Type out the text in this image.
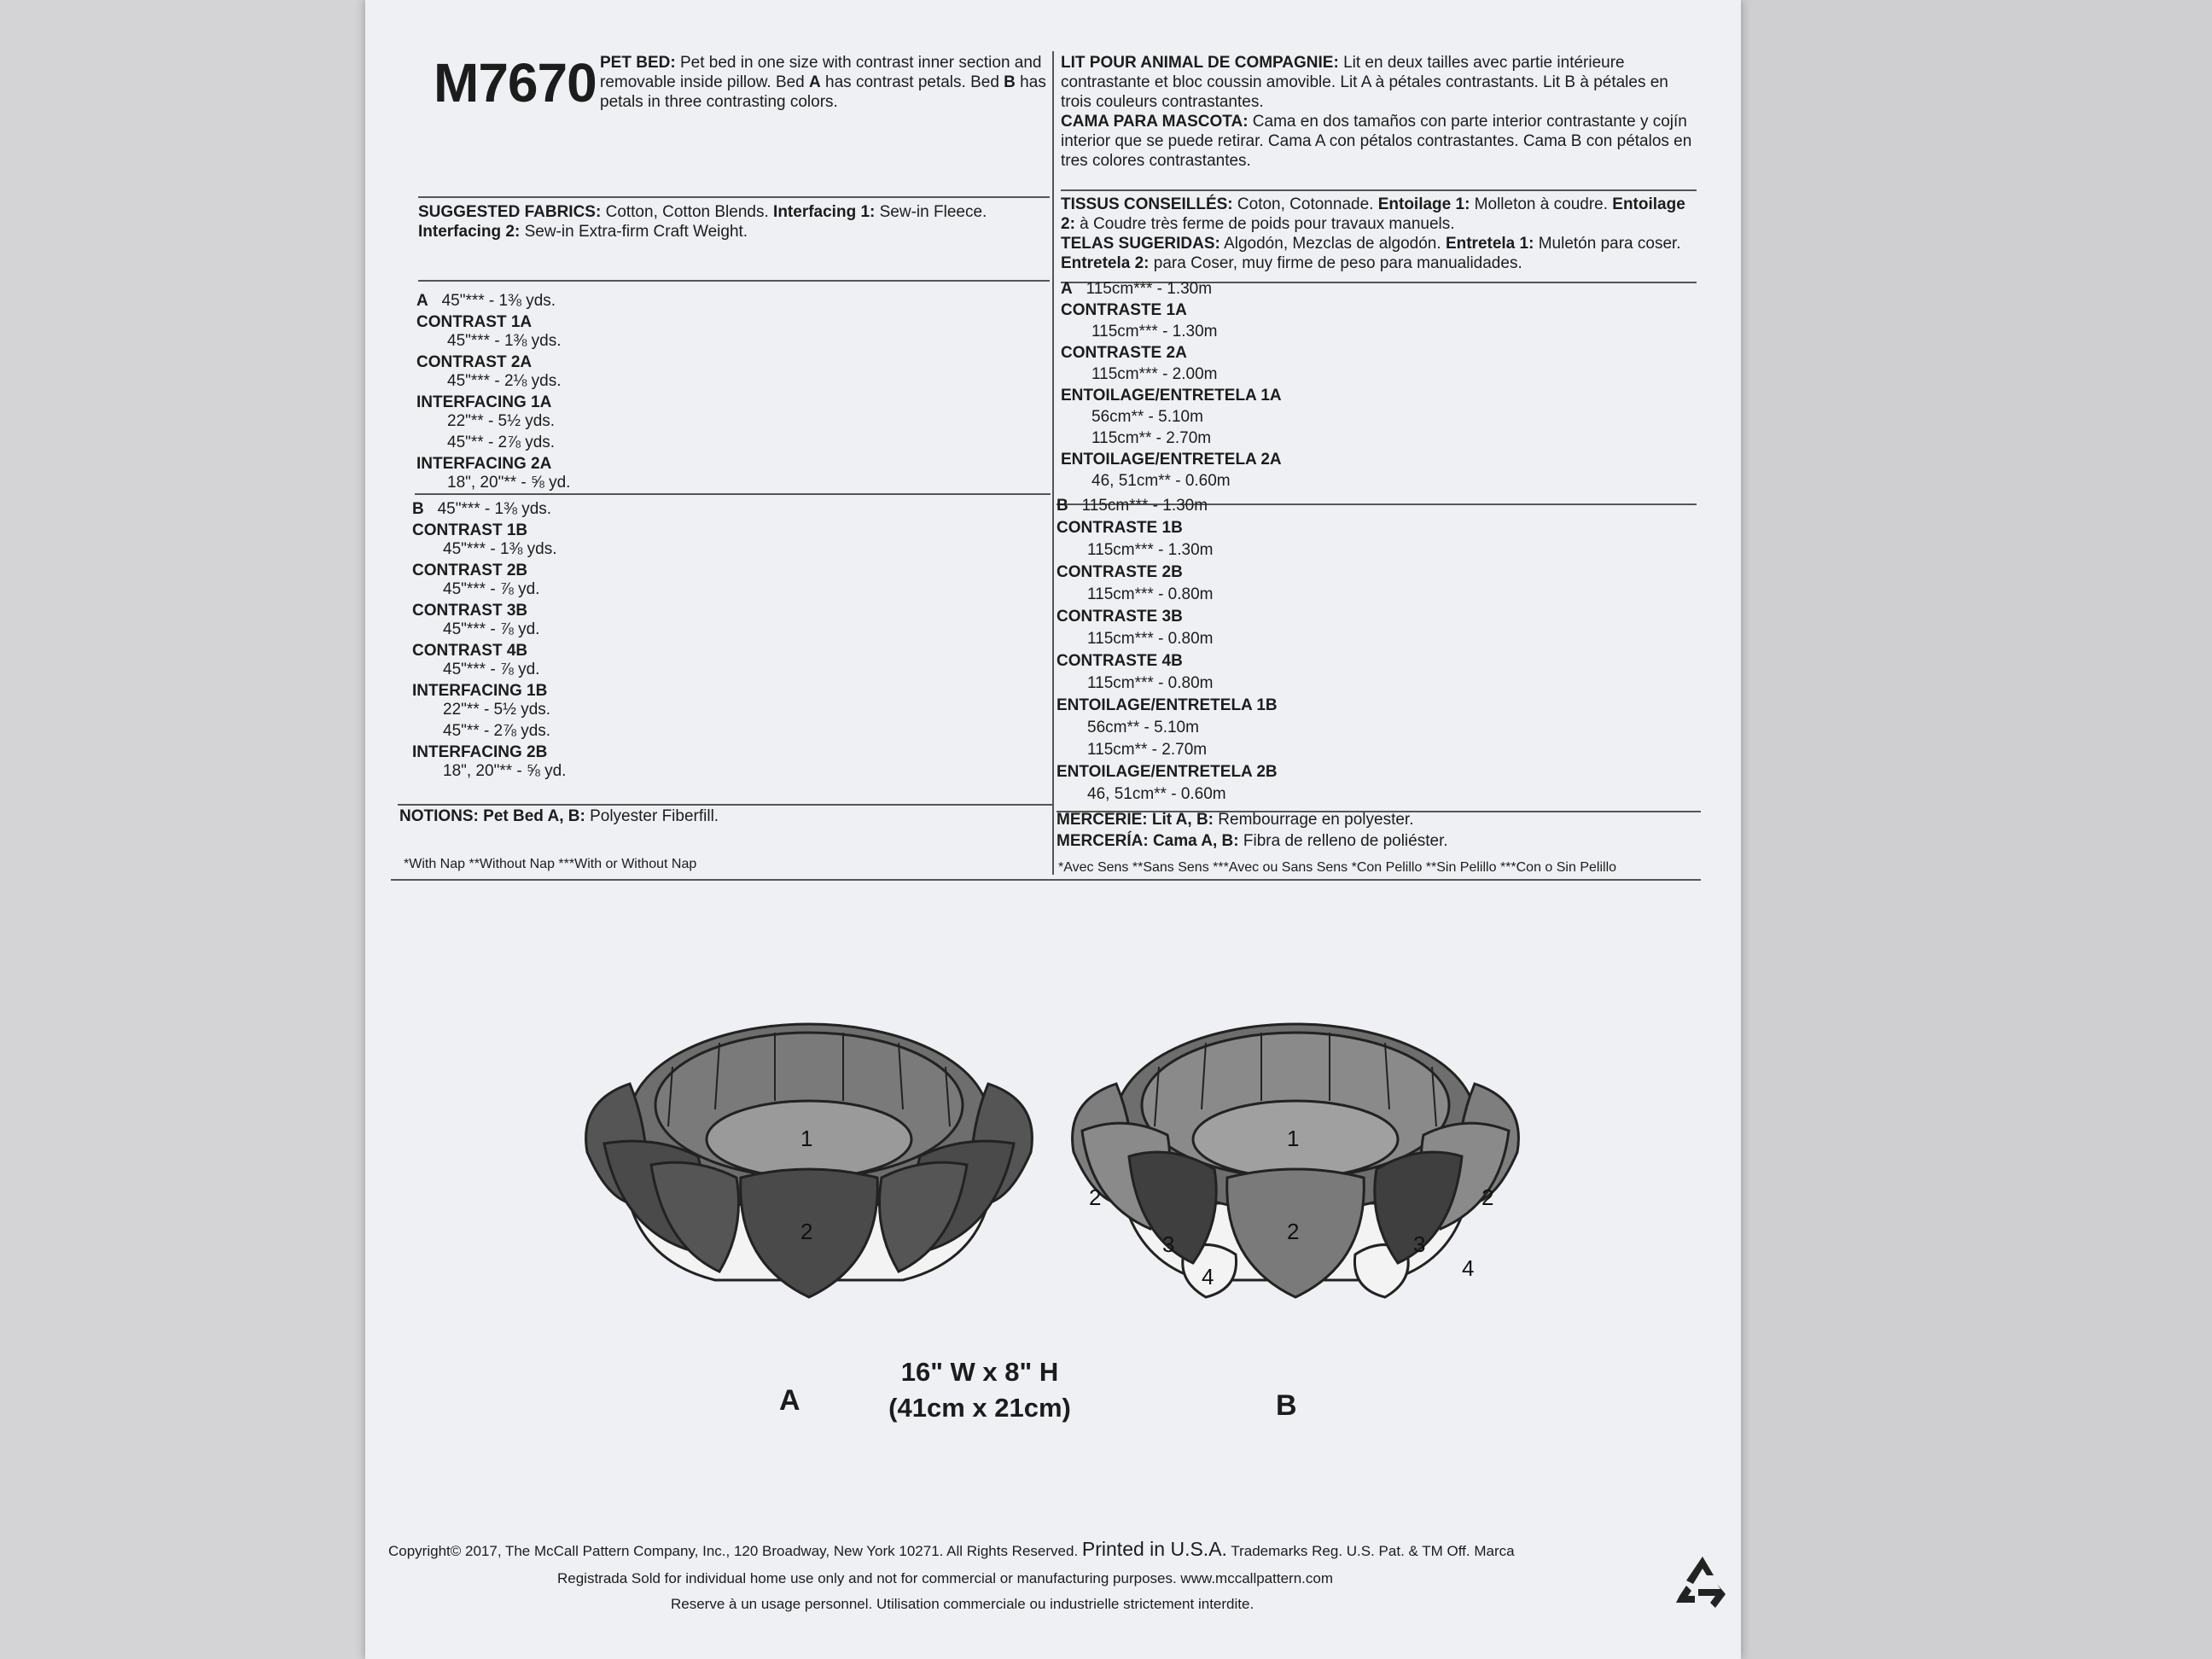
M7670 PET BED: Pet bed in one size with contrast inner section and removable inside pillow. Bed A has contrast petals. Bed B has petals in three contrasting colors.
LIT POUR ANIMAL DE COMPAGNIE: Lit en deux tailles avec partie intérieure contrastante et bloc coussin amovible. Lit A à pétales contrastants. Lit B à pétales en trois couleurs contrastantes.
CAMA PARA MASCOTA: Cama en dos tamaños con parte interior contrastante y cojín interior que se puede retirar. Cama A con pétalos contrastantes. Cama B con pétalos en tres colores contrastantes.
SUGGESTED FABRICS: Cotton, Cotton Blends. Interfacing 1: Sew-in Fleece. Interfacing 2: Sew-in Extra-firm Craft Weight.
TISSUS CONSEILLÉS: Coton, Cotonnade. Entoilage 1: Molleton à coudre. Entoilage 2: à Coudre très ferme de poids pour travaux manuels.
TELAS SUGERIDAS: Algodón, Mezclas de algodón. Entretela 1: Muletón para coser. Entretela 2: para Coser, muy firme de peso para manualidades.
A 45"*** - 1⅜ yds.
CONTRAST 1A
45"*** - 1⅜ yds.
CONTRAST 2A
45"*** - 2⅛ yds.
INTERFACING 1A
22"** - 5½ yds.
45"** - 2⅞ yds.
INTERFACING 2A
18", 20"** - ⅝ yd.
B 45"*** - 1⅜ yds.
CONTRAST 1B
45"*** - 1⅜ yds.
CONTRAST 2B
45"*** - ⅞ yd.
CONTRAST 3B
45"*** - ⅞ yd.
CONTRAST 4B
45"*** - ⅞ yd.
INTERFACING 1B
22"** - 5½ yds.
45"** - 2⅞ yds.
INTERFACING 2B
18", 20"** - ⅝ yd.
A 115cm*** - 1.30m
CONTRASTE 1A
115cm*** - 1.30m
CONTRASTE 2A
115cm*** - 2.00m
ENTOILAGE/ENTRETELA 1A
56cm** - 5.10m
115cm** - 2.70m
ENTOILAGE/ENTRETELA 2A
46, 51cm** - 0.60m
B 115cm*** - 1.30m
CONTRASTE 1B
115cm*** - 1.30m
CONTRASTE 2B
115cm*** - 0.80m
CONTRASTE 3B
115cm*** - 0.80m
CONTRASTE 4B
115cm*** - 0.80m
ENTOILAGE/ENTRETELA 1B
56cm** - 5.10m
115cm** - 2.70m
ENTOILAGE/ENTRETELA 2B
46, 51cm** - 0.60m
NOTIONS: Pet Bed A, B: Polyester Fiberfill.	MERCERIE: Lit A, B: Rembourrage en polyester.
MERCERÍA: Cama A, B: Fibra de relleno de poliéster.
*With Nap **Without Nap ***With or Without Nap	*Avec Sens **Sans Sens ***Avec ou Sans Sens *Con Pelillo **Sin Pelillo ***Con o Sin Pelillo
1
2
1
2
2	2
3	3
4	4
A	B
16" W x 8" H
(41cm x 21cm)
Copyright© 2017, The McCall Pattern Company, Inc., 120 Broadway, New York 10271. All Rights Reserved. Printed in U.S.A. Trademarks Reg. U.S. Pat. & TM Off. Marca
Registrada Sold for individual home use only and not for commercial or manufacturing purposes. www.mccallpattern.com
Reserve à un usage personnel. Utilisation commerciale ou industrielle strictement interdite.
